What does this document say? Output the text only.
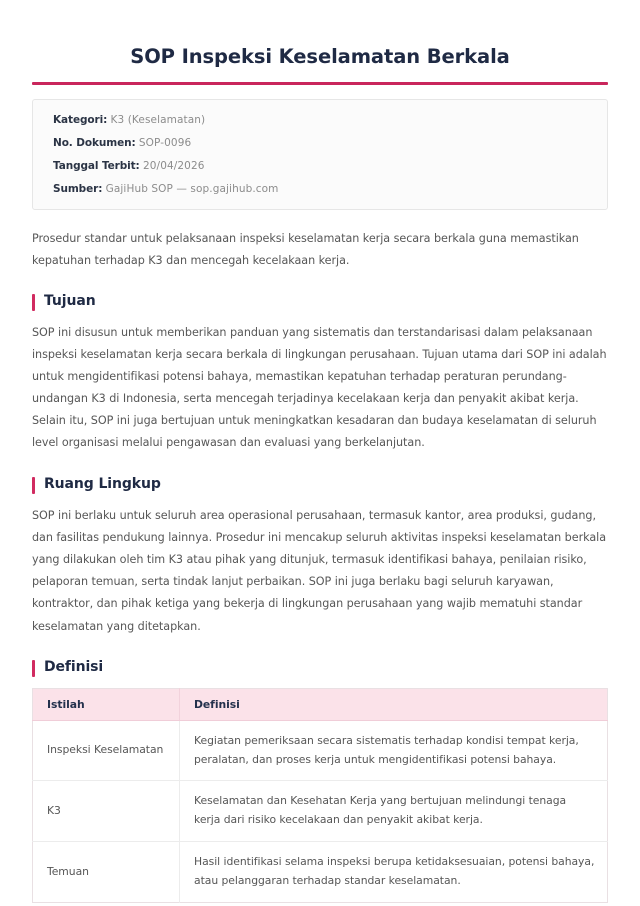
SOP Inspeksi Keselamatan Berkala
Kategori: K3 (Keselamatan)
No. Dokumen: SOP-0096
Tanggal Terbit: 20/04/2026
Sumber: GajiHub SOP — sop.gajihub.com

Prosedur standar untuk pelaksanaan inspeksi keselamatan kerja secara berkala guna memastikan kepatuhan terhadap K3 dan mencegah kecelakaan kerja.

Tujuan

SOP ini disusun untuk memberikan panduan yang sistematis dan terstandarisasi dalam pelaksanaan inspeksi keselamatan kerja secara berkala di lingkungan perusahaan. Tujuan utama dari SOP ini adalah untuk mengidentifikasi potensi bahaya, memastikan kepatuhan terhadap peraturan perundang-undangan K3 di Indonesia, serta mencegah terjadinya kecelakaan kerja dan penyakit akibat kerja. Selain itu, SOP ini juga bertujuan untuk meningkatkan kesadaran dan budaya keselamatan di seluruh level organisasi melalui pengawasan dan evaluasi yang berkelanjutan.

Ruang Lingkup

SOP ini berlaku untuk seluruh area operasional perusahaan, termasuk kantor, area produksi, gudang, dan fasilitas pendukung lainnya. Prosedur ini mencakup seluruh aktivitas inspeksi keselamatan berkala yang dilakukan oleh tim K3 atau pihak yang ditunjuk, termasuk identifikasi bahaya, penilaian risiko, pelaporan temuan, serta tindak lanjut perbaikan. SOP ini juga berlaku bagi seluruh karyawan, kontraktor, dan pihak ketiga yang bekerja di lingkungan perusahaan yang wajib mematuhi standar keselamatan yang ditetapkan.

Definisi
Istilah	Definisi
Inspeksi Keselamatan	Kegiatan pemeriksaan secara sistematis terhadap kondisi tempat kerja, peralatan, dan proses kerja untuk mengidentifikasi potensi bahaya.
K3	Keselamatan dan Kesehatan Kerja yang bertujuan melindungi tenaga kerja dari risiko kecelakaan dan penyakit akibat kerja.
Temuan	Hasil identifikasi selama inspeksi berupa ketidaksesuaian, potensi bahaya, atau pelanggaran terhadap standar keselamatan.
